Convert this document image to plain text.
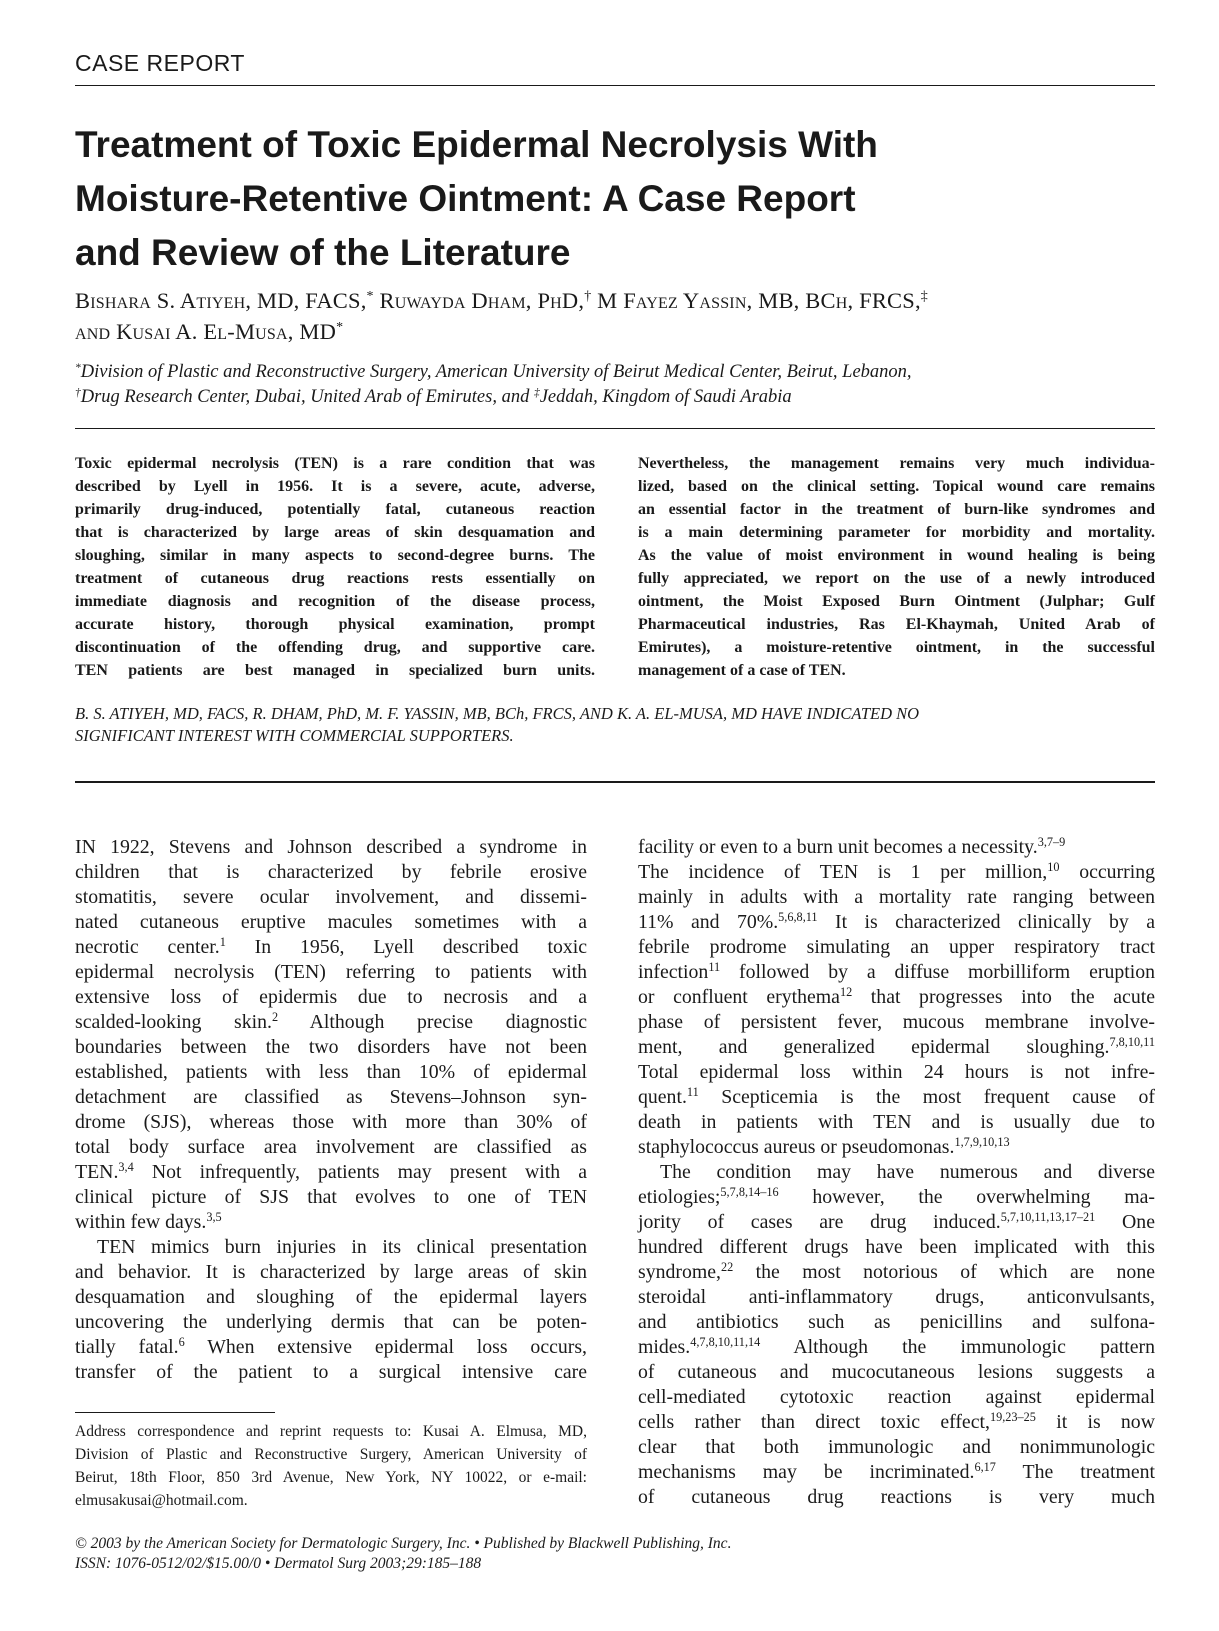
CASE REPORT
Treatment of Toxic Epidermal Necrolysis With
Moisture-Retentive Ointment: A Case Report
and Review of the Literature
Bishara S. Atiyeh, MD, FACS,* Ruwayda Dham, PhD,† M Fayez Yassin, MB, BCh, FRCS,‡
and Kusai A. El-Musa, MD*
*Division of Plastic and Reconstructive Surgery, American University of Beirut Medical Center, Beirut, Lebanon,
†Drug Research Center, Dubai, United Arab of Emirutes, and ‡Jeddah, Kingdom of Saudi Arabia
Toxic epidermal necrolysis (TEN) is a rare condition that was
described by Lyell in 1956. It is a severe, acute, adverse,
primarily drug-induced, potentially fatal, cutaneous reaction
that is characterized by large areas of skin desquamation and
sloughing, similar in many aspects to second-degree burns. The
treatment of cutaneous drug reactions rests essentially on
immediate diagnosis and recognition of the disease process,
accurate history, thorough physical examination, prompt
discontinuation of the offending drug, and supportive care.
TEN patients are best managed in specialized burn units.
Nevertheless, the management remains very much individua-
lized, based on the clinical setting. Topical wound care remains
an essential factor in the treatment of burn-like syndromes and
is a main determining parameter for morbidity and mortality.
As the value of moist environment in wound healing is being
fully appreciated, we report on the use of a newly introduced
ointment, the Moist Exposed Burn Ointment (Julphar; Gulf
Pharmaceutical industries, Ras El-Khaymah, United Arab of
Emirutes), a moisture-retentive ointment, in the successful
management of a case of TEN.
B. S. ATIYEH, MD, FACS, R. DHAM, PhD, M. F. YASSIN, MB, BCh, FRCS, AND K. A. EL-MUSA, MD HAVE INDICATED NO
SIGNIFICANT INTEREST WITH COMMERCIAL SUPPORTERS.
IN 1922, Stevens and Johnson described a syndrome in
children that is characterized by febrile erosive
stomatitis, severe ocular involvement, and dissemi-
nated cutaneous eruptive macules sometimes with a
necrotic center.$^1$ In 1956, Lyell described toxic
epidermal necrolysis (TEN) referring to patients with
extensive loss of epidermis due to necrosis and a
scalded-looking skin.$^2$ Although precise diagnostic
boundaries between the two disorders have not been
established, patients with less than 10% of epidermal
detachment are classified as Stevens–Johnson syn-
drome (SJS), whereas those with more than 30% of
total body surface area involvement are classified as
TEN.$^{3,4}$ Not infrequently, patients may present with a
clinical picture of SJS that evolves to one of TEN
within few days.$^{3,5}$
TEN mimics burn injuries in its clinical presentation
and behavior. It is characterized by large areas of skin
desquamation and sloughing of the epidermal layers
uncovering the underlying dermis that can be poten-
tially fatal.$^6$ When extensive epidermal loss occurs,
transfer of the patient to a surgical intensive care
facility or even to a burn unit becomes a necessity.$^{3,7-9}$
The incidence of TEN is 1 per million,$^{10}$ occurring
mainly in adults with a mortality rate ranging between
11% and 70%.$^{5,6,8,11}$ It is characterized clinically by a
febrile prodrome simulating an upper respiratory tract
infection$^{11}$ followed by a diffuse morbilliform eruption
or confluent erythema$^{12}$ that progresses into the acute
phase of persistent fever, mucous membrane involve-
ment, and generalized epidermal sloughing.$^{7,8,10,11}$
Total epidermal loss within 24 hours is not infre-
quent.$^{11}$ Scepticemia is the most frequent cause of
death in patients with TEN and is usually due to
staphylococcus aureus or pseudomonas.$^{1,7,9,10,13}$
The condition may have numerous and diverse
etiologies;$^{5,7,8,14-16}$ however, the overwhelming ma-
jority of cases are drug induced.$^{5,7,10,11,13,17-21}$ One
hundred different drugs have been implicated with this
syndrome,$^{22}$ the most notorious of which are none
steroidal anti-inflammatory drugs, anticonvulsants,
and antibiotics such as penicillins and sulfona-
mides.$^{4,7,8,10,11,14}$ Although the immunologic pattern
of cutaneous and mucocutaneous lesions suggests a
cell-mediated cytotoxic reaction against epidermal
cells rather than direct toxic effect,$^{19,23-25}$ it is now
clear that both immunologic and nonimmunologic
mechanisms may be incriminated.$^{6,17}$ The treatment
of cutaneous drug reactions is very much
Address correspondence and reprint requests to: Kusai A. Elmusa, MD,
Division of Plastic and Reconstructive Surgery, American University of
Beirut, 18th Floor, 850 3rd Avenue, New York, NY 10022, or e-mail:
elmusakusai@hotmail.com.
© 2003 by the American Society for Dermatologic Surgery, Inc. • Published by Blackwell Publishing, Inc.
ISSN: 1076-0512/02/$15.00/0 • Dermatol Surg 2003;29:185–188
